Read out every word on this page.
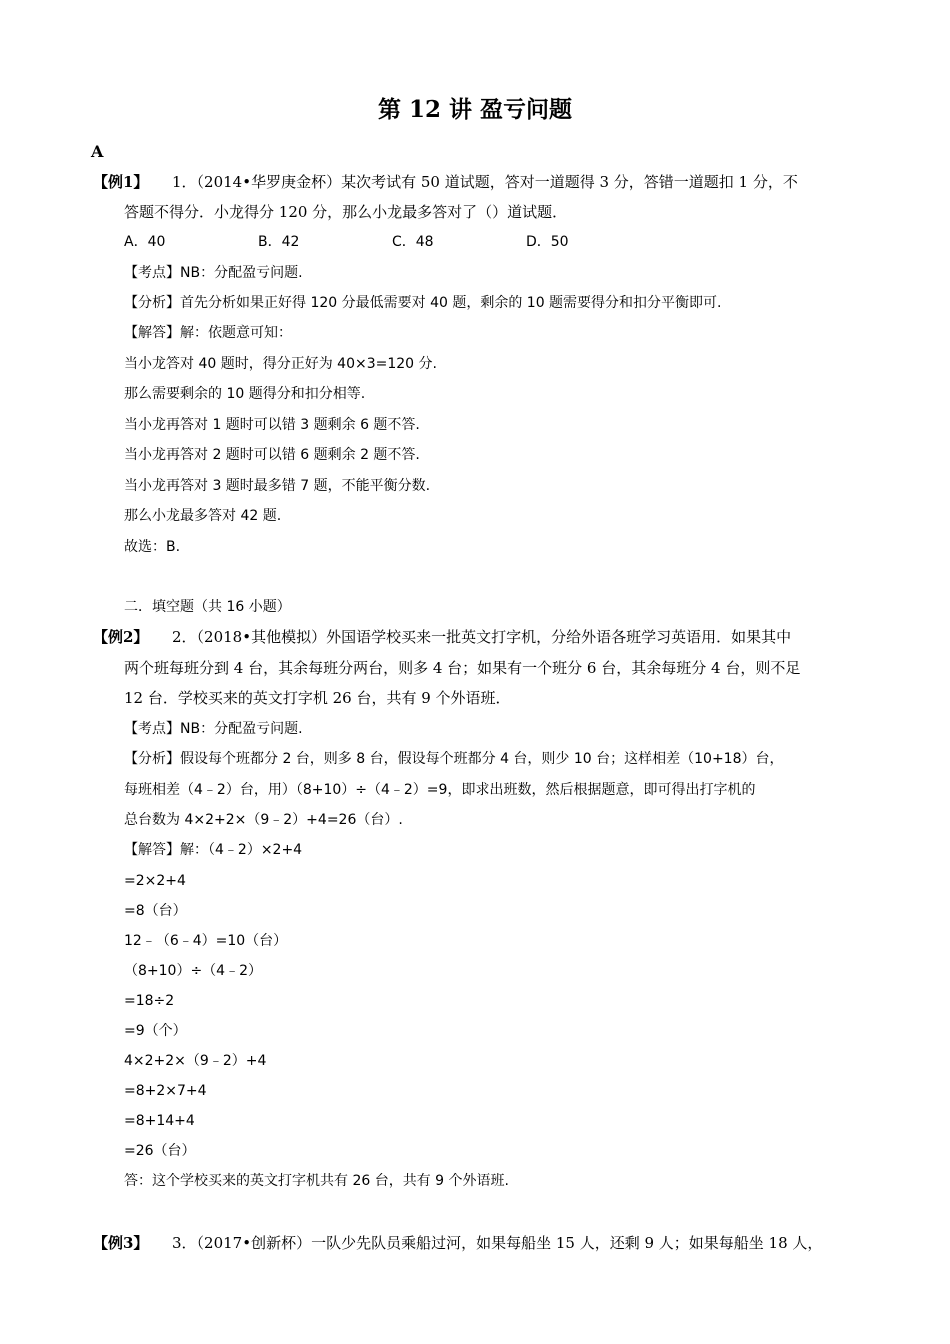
第 12 讲 盈亏问题
A
【例1】 1．（2014•华罗庚金杯）某次考试有 50 道试题，答对一道题得 3 分，答错一道题扣 1 分，不
答题不得分．小龙得分 120 分，那么小龙最多答对了（）道试题．
A．40	B．42	C．48	D．50
【考点】NB：分配盈亏问题.
【分析】首先分析如果正好得 120 分最低需要对 40 题，剩余的 10 题需要得分和扣分平衡即可.
【解答】解：依题意可知：
当小龙答对 40 题时，得分正好为 40×3=120 分.
那么需要剩余的 10 题得分和扣分相等.
当小龙再答对 1 题时可以错 3 题剩余 6 题不答.
当小龙再答对 2 题时可以错 6 题剩余 2 题不答.
当小龙再答对 3 题时最多错 7 题，不能平衡分数.
那么小龙最多答对 42 题.
故选：B.
二．填空题（共 16 小题）
【例2】 2．（2018•其他模拟）外国语学校买来一批英文打字机，分给外语各班学习英语用．如果其中
两个班每班分到 4 台，其余每班分两台，则多 4 台；如果有一个班分 6 台，其余每班分 4 台，则不足
12 台．学校买来的英文打字机 26 台，共有 9 个外语班．
【考点】NB：分配盈亏问题.
【分析】假设每个班都分 2 台，则多 8 台，假设每个班都分 4 台，则少 10 台；这样相差（10+18）台，
每班相差（4﹣2）台，用）（8+10）÷（4﹣2）=9，即求出班数，然后根据题意，即可得出打字机的
总台数为 4×2+2×（9﹣2）+4=26（台）.
【解答】解：（4﹣2）×2+4
=2×2+4
=8（台）
12﹣（6﹣4）=10（台）
（8+10）÷（4﹣2）
=18÷2
=9（个）
4×2+2×（9﹣2）+4
=8+2×7+4
=8+14+4
=26（台）
答：这个学校买来的英文打字机共有 26 台，共有 9 个外语班.
【例3】 3．（2017•创新杯）一队少先队员乘船过河，如果每船坐 15 人，还剩 9 人；如果每船坐 18 人，
